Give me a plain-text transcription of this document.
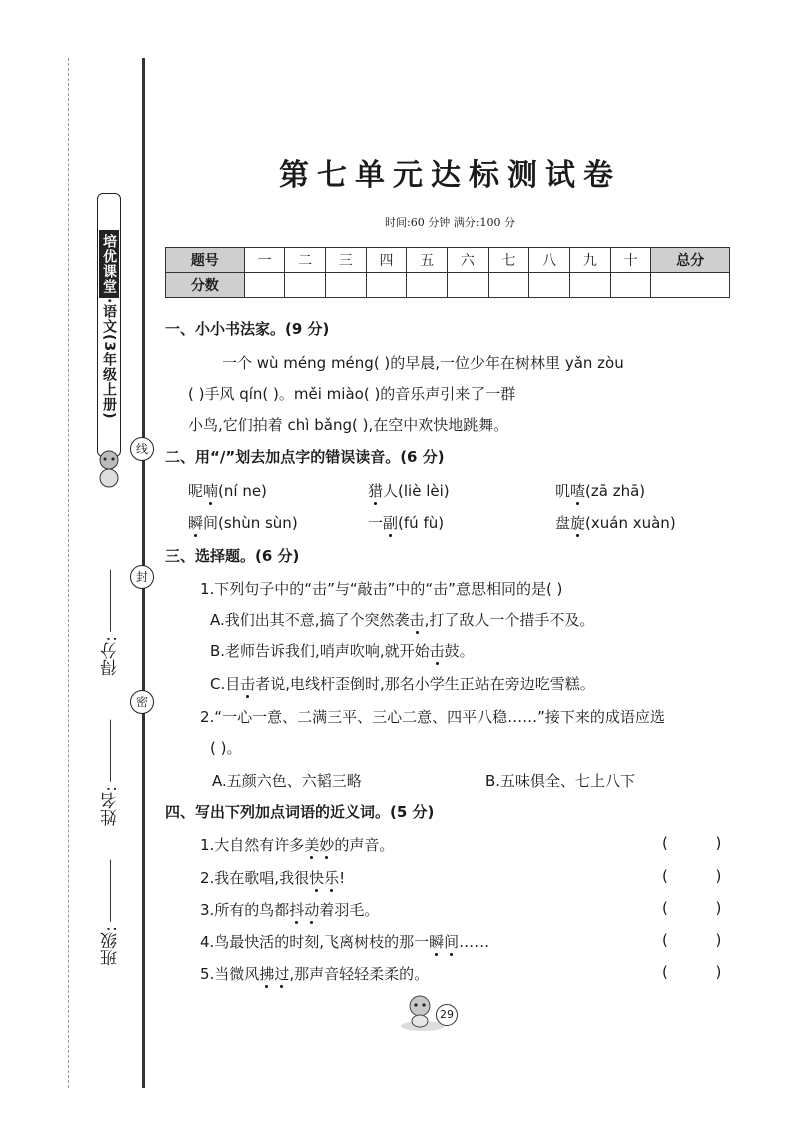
培优课堂
·语文
(3年级上册)
线
封
密
得分:
姓名:
班级:
第七单元达标测试卷
时间:60 分钟 满分:100 分
题号	一	二	三	四	五	六	七	八	九	十	总分
分数											
一、小小书法家。(9 分)
一个 wù méng méng( )的早晨,一位少年在树林里 yǎn zòu
( )手风 qín( )。měi miào( )的音乐声引来了一群
小鸟,它们拍着 chì bǎng( ),在空中欢快地跳舞。
二、用“/”划去加点字的错误读音。(6 分)
呢喃(ní ne)	猎人(liè lèi)	叽喳(zā zhā)
瞬间(shùn sùn)	一副(fú fù)	盘旋(xuán xuàn)
三、选择题。(6 分)
1.下列句子中的“击”与“敲击”中的“击”意思相同的是( )
A.我们出其不意,搞了个突然袭击,打了敌人一个措手不及。
B.老师告诉我们,哨声吹响,就开始击鼓。
C.目击者说,电线杆歪倒时,那名小学生正站在旁边吃雪糕。
2.“一心一意、二满三平、三心二意、四平八稳……”接下来的成语应选
( )。
A.五颜六色、六韬三略	B.五味俱全、七上八下
四、写出下列加点词语的近义词。(5 分)
1.大自然有许多美妙的声音。	(          )
2.我在歌唱,我很快乐!	(          )
3.所有的鸟都抖动着羽毛。	(          )
4.鸟最快活的时刻,飞离树枝的那一瞬间……	(          )
5.当微风拂过,那声音轻轻柔柔的。	(          )
29
